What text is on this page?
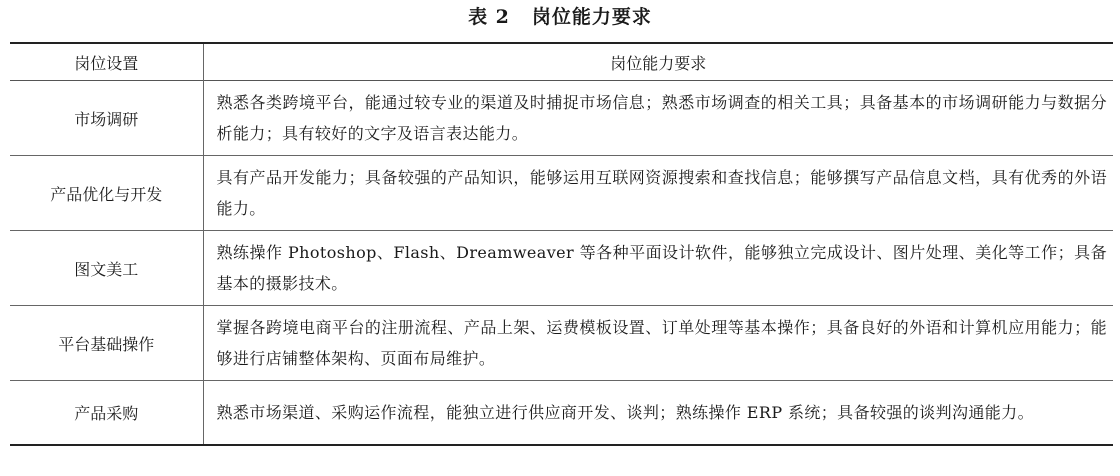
表 2 岗位能力要求
岗位设置	岗位能力要求
市场调研	熟悉各类跨境平台，能通过较专业的渠道及时捕捉市场信息；熟悉市场调查的相关工具；具备基本的市场调研能力与数据分析能力；具有较好的文字及语言表达能力。
产品优化与开发	具有产品开发能力；具备较强的产品知识，能够运用互联网资源搜索和查找信息；能够撰写产品信息文档，具有优秀的外语能力。
图文美工	熟练操作 Photoshop、Flash、Dreamweaver 等各种平面设计软件，能够独立完成设计、图片处理、美化等工作；具备基本的摄影技术。
平台基础操作	掌握各跨境电商平台的注册流程、产品上架、运费模板设置、订单处理等基本操作；具备良好的外语和计算机应用能力；能够进行店铺整体架构、页面布局维护。
产品采购	熟悉市场渠道、采购运作流程，能独立进行供应商开发、谈判；熟练操作 ERP 系统；具备较强的谈判沟通能力。
